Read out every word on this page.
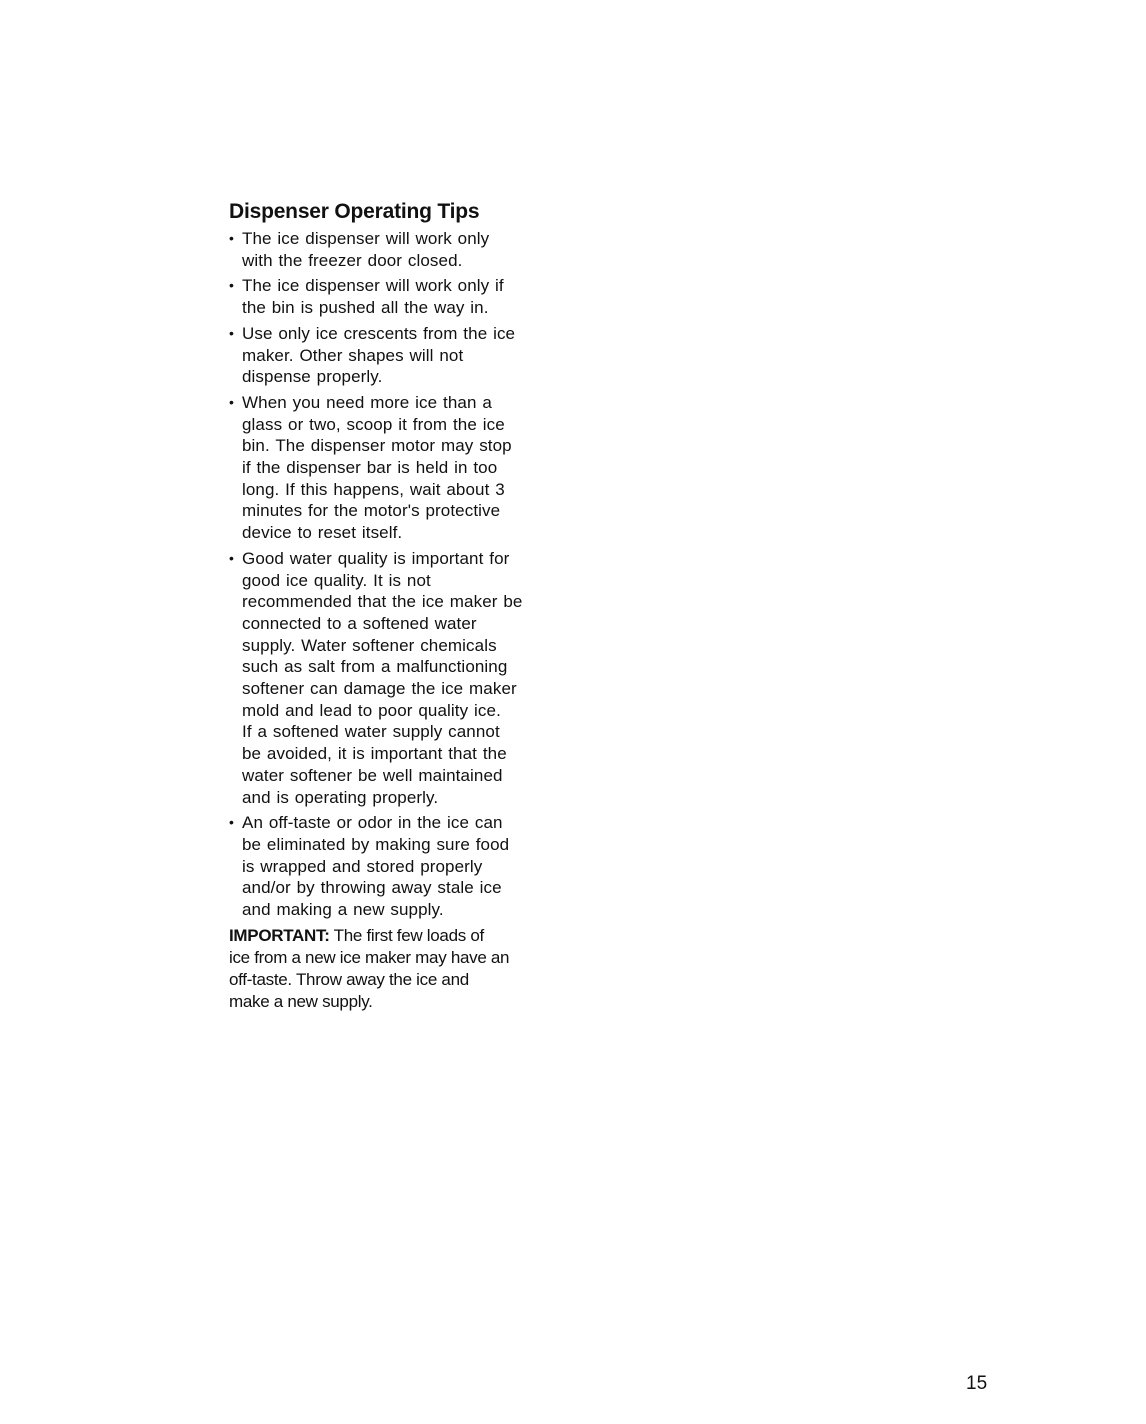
Dispenser Operating Tips
• The ice dispenser will work only
with the freezer door closed.
• The ice dispenser will work only if
the bin is pushed all the way in.
• Use only ice crescents from the ice
maker. Other shapes will not
dispense properly.
• When you need more ice than a
glass or two, scoop it from the ice
bin. The dispenser motor may stop
if the dispenser bar is held in too
long. If this happens, wait about 3
minutes for the motor's protective
device to reset itself.
• Good water quality is important for
good ice quality. It is not
recommended that the ice maker be
connected to a softened water
supply. Water softener chemicals
such as salt from a malfunctioning
softener can damage the ice maker
mold and lead to poor quality ice.
If a softened water supply cannot
be avoided, it is important that the
water softener be well maintained
and is operating properly.
• An off-taste or odor in the ice can
be eliminated by making sure food
is wrapped and stored properly
and/or by throwing away stale ice
and making a new supply.

IMPORTANT: The first few loads of
ice from a new ice maker may have an
off-taste. Throw away the ice and
make a new supply.

15
